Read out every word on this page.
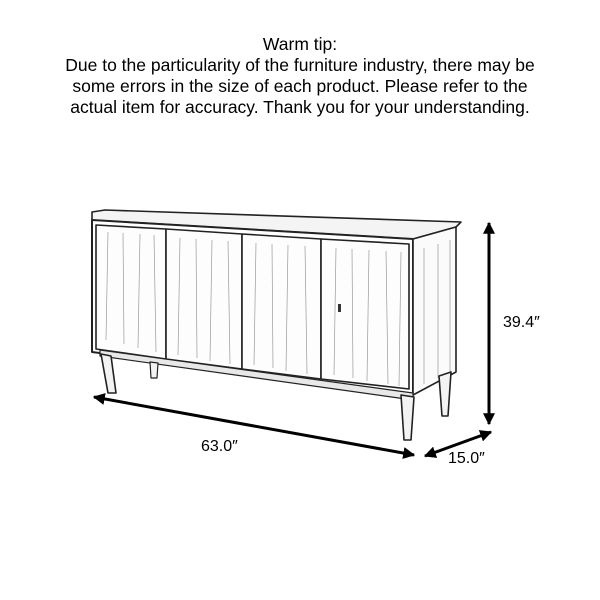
Warm tip:
Due to the particularity of the furniture industry, there may be
some errors in the size of each product. Please refer to the
actual item for accuracy. Thank you for your understanding.
63.0″
39.4″
15.0″
